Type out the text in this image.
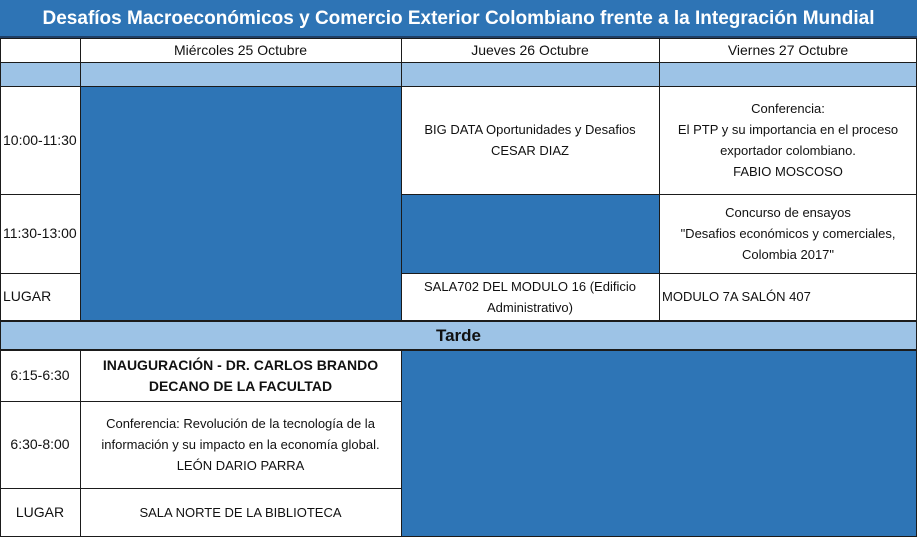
Desafíos Macroeconómicos y Comercio Exterior Colombiano frente a la Integración Mundial
Miércoles 25 Octubre	Jueves 26 Octubre	Viernes 27 Octubre
10:00-11:30
11:30-13:00
LUGAR
BIG DATA Oportunidades y Desafios
CESAR DIAZ
SALA702 DEL MODULO 16 (Edificio
Administrativo)
Conferencia:
El PTP y su importancia en el proceso
exportador colombiano.
FABIO MOSCOSO
Concurso de ensayos
"Desafios económicos y comerciales,
Colombia 2017"
MODULO 7A SALÓN 407
Tarde
6:15-6:30
6:30-8:00
LUGAR
INAUGURACIÓN - DR. CARLOS BRANDO
DECANO DE LA FACULTAD
Conferencia: Revolución de la tecnología de la
información y su impacto en la economía global.
LEÓN DARIO PARRA
SALA NORTE DE LA BIBLIOTECA
